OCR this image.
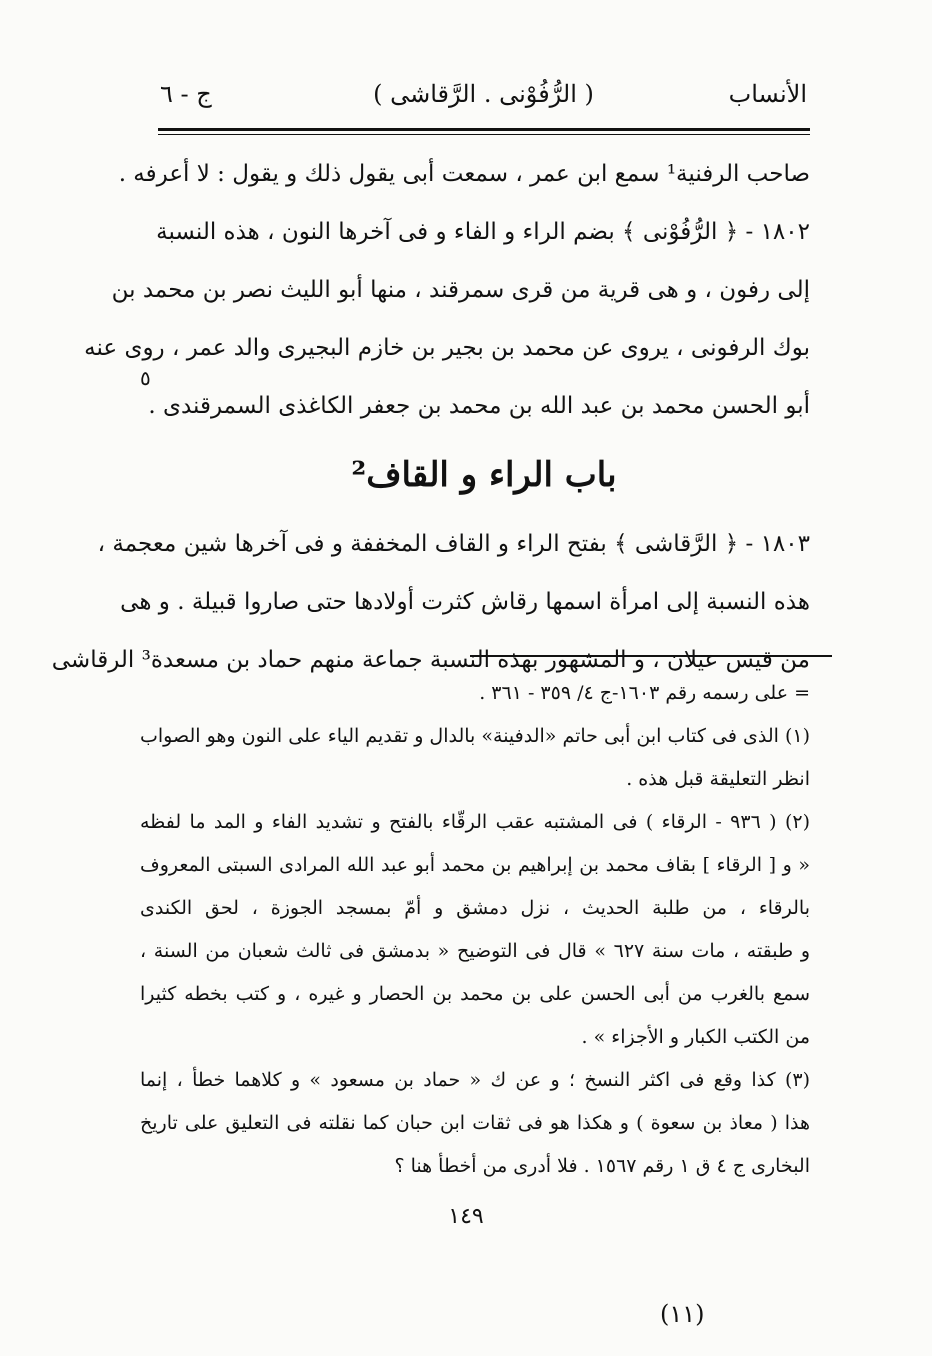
الأنساب
( الرُّفُوْنى . الرَّقاشى )
ج - ٦
صاحب الرفنية¹ سمع ابن عمر ، سمعت أبى يقول ذلك و يقول : لا أعرفه .
١٨٠٢ - ﴿ الرُّفُوْنى ﴾ بضم الراء و الفاء و فى آخرها النون ، هذه النسبة
إلى رفون ، و هى قرية من قرى سمرقند ، منها أبو الليث نصر بن محمد بن
بوك الرفونى ، يروى عن محمد بن بجير بن خازم البجيرى والد عمر ، روى عنه
أبو الحسن محمد بن عبد الله بن محمد بن جعفر الكاغذى السمرقندى .
باب الراء و القاف²
١٨٠٣ - ﴿ الرَّقاشى ﴾ بفتح الراء و القاف المخففة و فى آخرها شين معجمة ،
هذه النسبة إلى امرأة اسمها رقاش كثرت أولادها حتى صاروا قبيلة . و هى
من قيس عيلان ، و المشهور بهذه النسبة جماعة منهم حماد بن مسعدة³ الرقاشى
٥
= على رسمه رقم ١٦٠٣-ج ٤/ ٣٥٩ - ٣٦١ .
(١) الذى فى كتاب ابن أبى حاتم «الدفينة» بالدال و تقديم الياء على النون وهو الصواب
انظر التعليقة قبل هذه .
(٢) ( ٩٣٦ - الرقاء ) فى المشتبه عقب الرقّاء بالفتح و تشديد الفاء و المد ما لفظه
« و [ الرقاء ] بقاف محمد بن إبراهيم بن محمد أبو عبد الله المرادى السبتى المعروف
بالرقاء ، من طلبة الحديث ، نزل دمشق و أمّ بمسجد الجوزة ، لحق الكندى
و طبقته ، مات سنة ٦٢٧ » قال فى التوضيح « بدمشق فى ثالث شعبان من السنة ،
سمع بالغرب من أبى الحسن على بن محمد بن الحصار و غيره ، و كتب بخطه كثيرا
من الكتب الكبار و الأجزاء » .
(٣) كذا وقع فى اكثر النسخ ؛ و عن ك « حماد بن مسعود » و كلاهما خطأ ، إنما
هذا ( معاذ بن سعوة ) و هكذا هو فى ثقات ابن حبان كما نقلته فى التعليق على تاريخ
البخارى ج ٤ ق ١ رقم ١٥٦٧ . فلا أدرى من أخطأ هنا ؟
١٤٩
(١١)
